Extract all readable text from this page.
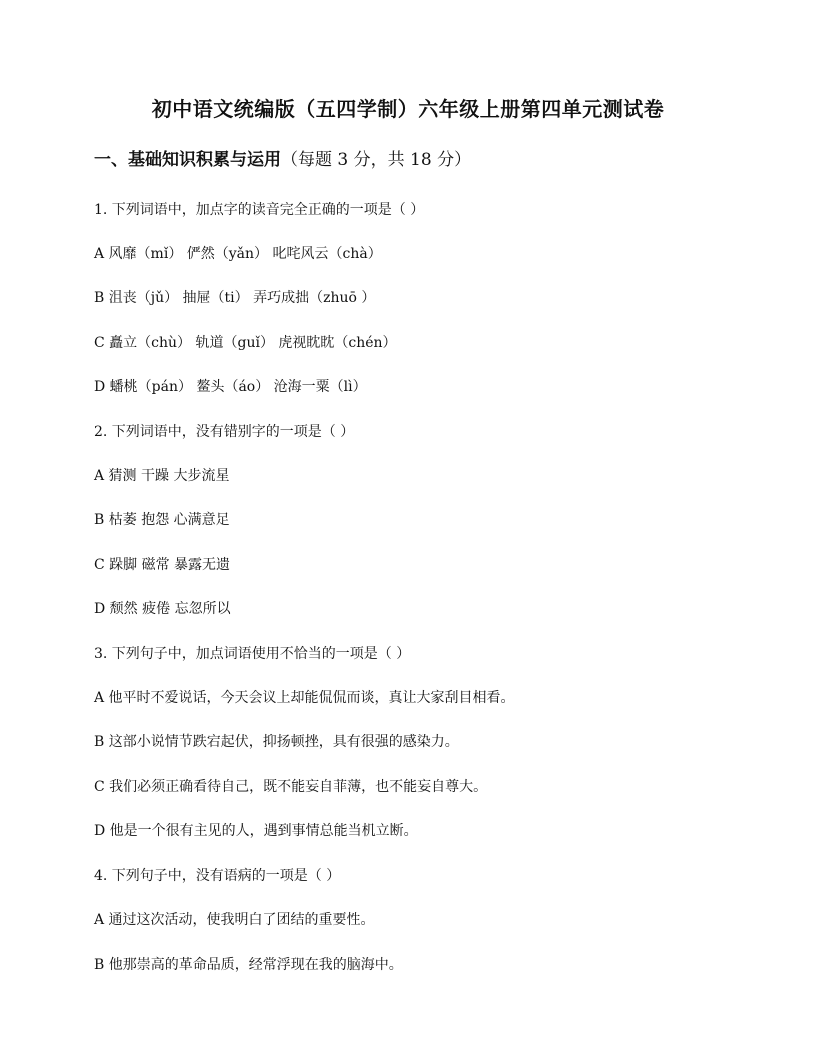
初中语文统编版（五四学制）六年级上册第四单元测试卷
一、基础知识积累与运用（每题 3 分，共 18 分）
1. 下列词语中，加点字的读音完全正确的一项是（ ）
A 风靡（mǐ） 俨然（yǎn） 叱咤风云（chà）
B 沮丧（jǔ） 抽屉（ti） 弄巧成拙（zhuō ）
C 矗立（chù） 轨道（guǐ） 虎视眈眈（chén）
D 蟠桃（pán） 鳌头（áo） 沧海一粟（lì）
2. 下列词语中，没有错别字的一项是（ ）
A 猜测 干躁 大步流星
B 枯萎 抱怨 心满意足
C 跺脚 磁常 暴露无遗
D 颓然 疲倦 忘忽所以
3. 下列句子中，加点词语使用不恰当的一项是（ ）
A 他平时不爱说话，今天会议上却能侃侃而谈，真让大家刮目相看。
B 这部小说情节跌宕起伏，抑扬顿挫，具有很强的感染力。
C 我们必须正确看待自己，既不能妄自菲薄，也不能妄自尊大。
D 他是一个很有主见的人，遇到事情总能当机立断。
4. 下列句子中，没有语病的一项是（ ）
A 通过这次活动，使我明白了团结的重要性。
B 他那崇高的革命品质，经常浮现在我的脑海中。
